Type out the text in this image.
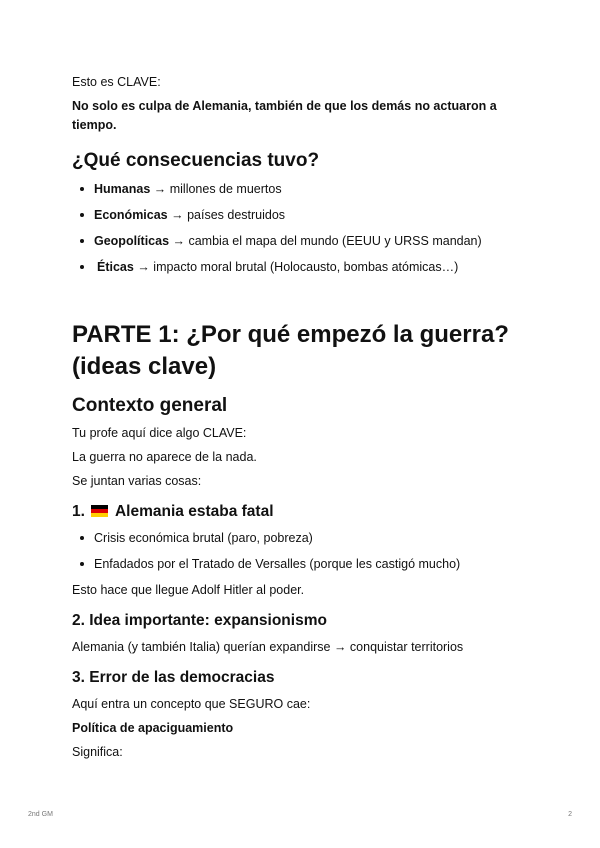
Esto es CLAVE:

No solo es culpa de Alemania, también de que los demás no actuaron a

tiempo.

¿Qué consecuencias tuvo?
Humanas → millones de muertos
Económicas → países destruidos
Geopolíticas → cambia el mapa del mundo (EEUU y URSS mandan)
Éticas → impacto moral brutal (Holocausto, bombas atómicas…)
PARTE 1: ¿Por qué empezó la guerra?
(ideas clave)
Contexto general

Tu profe aquí dice algo CLAVE:

La guerra no aparece de la nada.

Se juntan varias cosas:

1. Alemania estaba fatal
Crisis económica brutal (paro, pobreza)
Enfadados por el Tratado de Versalles (porque les castigó mucho)

Esto hace que llegue Adolf Hitler al poder.

2. Idea importante: expansionismo

Alemania (y también Italia) querían expandirse → conquistar territorios

3. Error de las democracias

Aquí entra un concepto que SEGURO cae:

Política de apaciguamiento

Significa:

2nd GM	2
